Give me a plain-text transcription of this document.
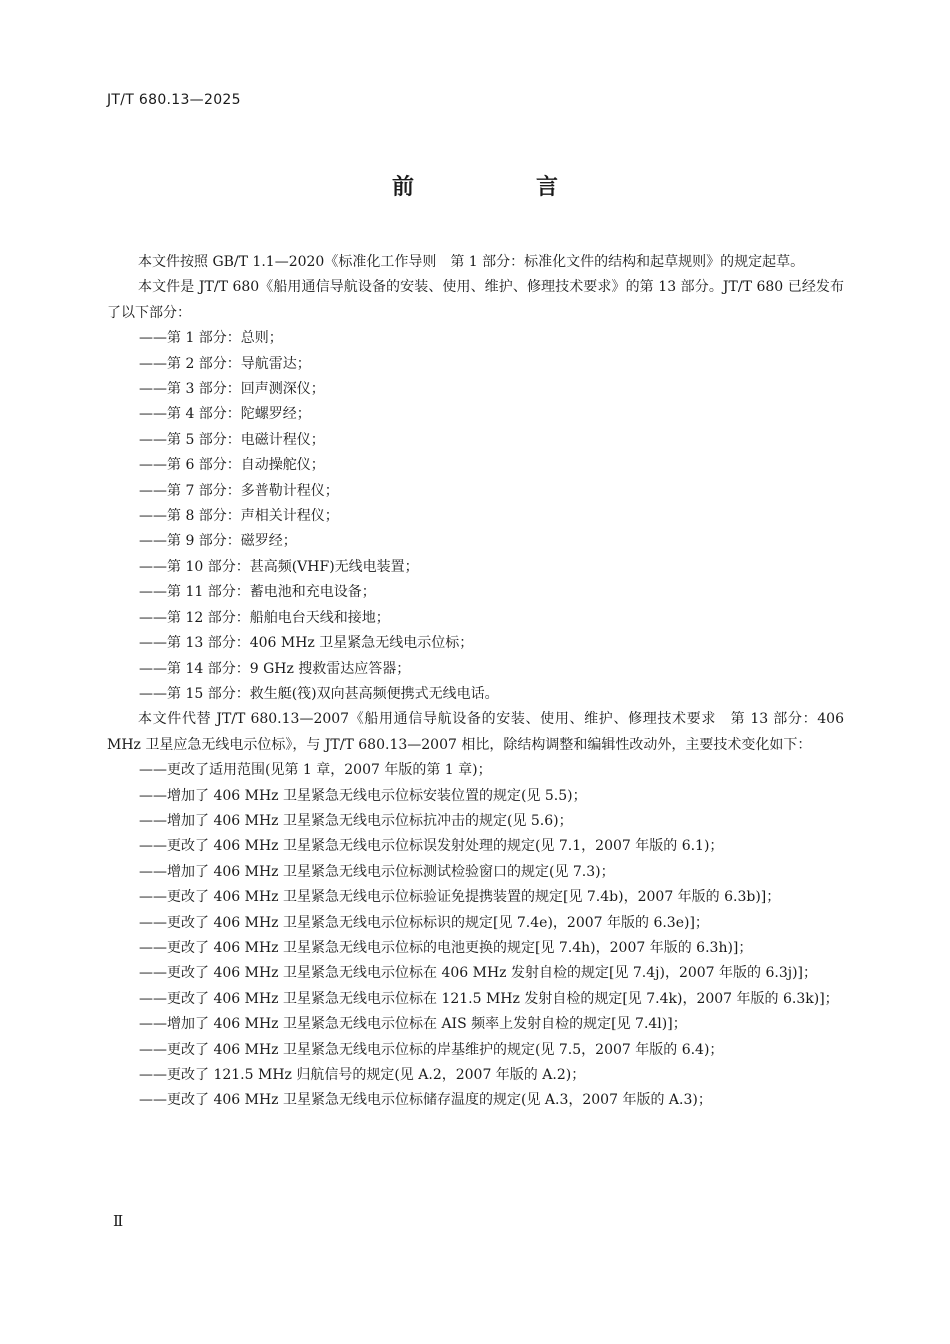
JT/T 680.13—2025
前　言

本文件按照 GB/T 1.1—2020《标准化工作导则　第 1 部分：标准化文件的结构和起草规则》的规定起草。

本文件是 JT/T 680《船用通信导航设备的安装、使用、维护、修理技术要求》的第 13 部分。JT/T 680 已经发布了以下部分：

——第 1 部分：总则；

——第 2 部分：导航雷达；

——第 3 部分：回声测深仪；

——第 4 部分：陀螺罗经；

——第 5 部分：电磁计程仪；

——第 6 部分：自动操舵仪；

——第 7 部分：多普勒计程仪；

——第 8 部分：声相关计程仪；

——第 9 部分：磁罗经；

——第 10 部分：甚高频(VHF)无线电装置；

——第 11 部分：蓄电池和充电设备；

——第 12 部分：船舶电台天线和接地；

——第 13 部分：406 MHz 卫星紧急无线电示位标；

——第 14 部分：9 GHz 搜救雷达应答器；

——第 15 部分：救生艇(筏)双向甚高频便携式无线电话。

本文件代替 JT/T 680.13—2007《船用通信导航设备的安装、使用、维护、修理技术要求　第 13 部分：406 MHz 卫星应急无线电示位标》，与 JT/T 680.13—2007 相比，除结构调整和编辑性改动外，主要技术变化如下：

——更改了适用范围(见第 1 章，2007 年版的第 1 章)；

——增加了 406 MHz 卫星紧急无线电示位标安装位置的规定(见 5.5)；

——增加了 406 MHz 卫星紧急无线电示位标抗冲击的规定(见 5.6)；

——更改了 406 MHz 卫星紧急无线电示位标误发射处理的规定(见 7.1，2007 年版的 6.1)；

——增加了 406 MHz 卫星紧急无线电示位标测试检验窗口的规定(见 7.3)；

——更改了 406 MHz 卫星紧急无线电示位标验证免提携装置的规定[见 7.4b)，2007 年版的 6.3b)]；

——更改了 406 MHz 卫星紧急无线电示位标标识的规定[见 7.4e)，2007 年版的 6.3e)]；

——更改了 406 MHz 卫星紧急无线电示位标的电池更换的规定[见 7.4h)，2007 年版的 6.3h)]；

——更改了 406 MHz 卫星紧急无线电示位标在 406 MHz 发射自检的规定[见 7.4j)，2007 年版的 6.3j)]；

——更改了 406 MHz 卫星紧急无线电示位标在 121.5 MHz 发射自检的规定[见 7.4k)，2007 年版的 6.3k)]；

——增加了 406 MHz 卫星紧急无线电示位标在 AIS 频率上发射自检的规定[见 7.4l)]；

——更改了 406 MHz 卫星紧急无线电示位标的岸基维护的规定(见 7.5，2007 年版的 6.4)；

——更改了 121.5 MHz 归航信号的规定(见 A.2，2007 年版的 A.2)；

——更改了 406 MHz 卫星紧急无线电示位标储存温度的规定(见 A.3，2007 年版的 A.3)；

Ⅱ
